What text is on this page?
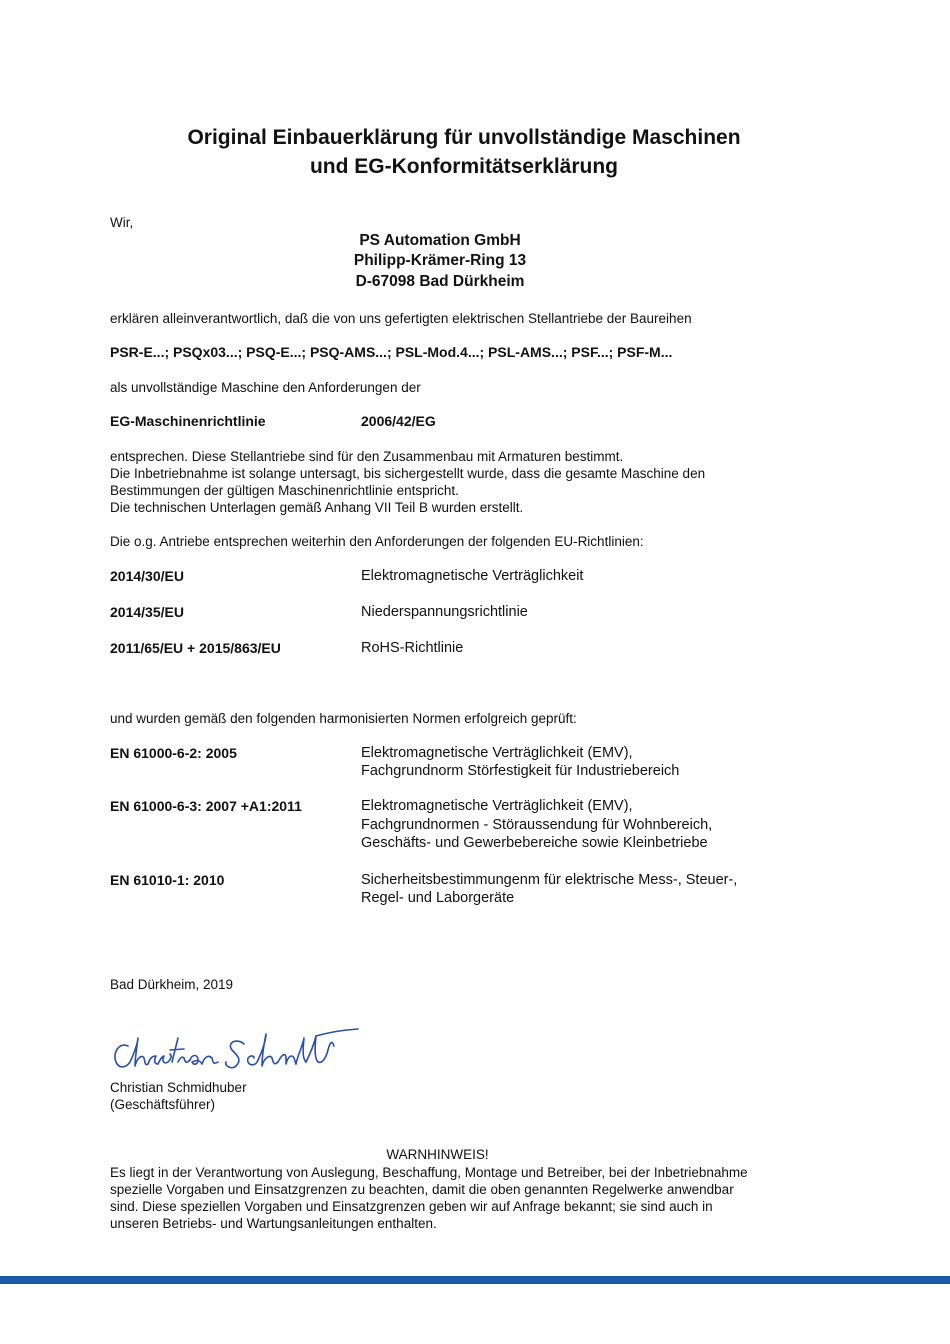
Original Einbauerklärung für unvollständige Maschinen
und EG-Konformitätserklärung
Wir,
PS Automation GmbH
Philipp-Krämer-Ring 13
D-67098 Bad Dürkheim
erklären alleinverantwortlich, daß die von uns gefertigten elektrischen Stellantriebe der Baureihen
PSR-E...; PSQx03...; PSQ-E...; PSQ-AMS...; PSL-Mod.4...; PSL-AMS...; PSF...; PSF-M...
als unvollständige Maschine den Anforderungen der
EG-Maschinenrichtlinie	2006/42/EG
entsprechen. Diese Stellantriebe sind für den Zusammenbau mit Armaturen bestimmt.
Die Inbetriebnahme ist solange untersagt, bis sichergestellt wurde, dass die gesamte Maschine den
Bestimmungen der gültigen Maschinenrichtlinie entspricht.
Die technischen Unterlagen gemäß Anhang VII Teil B wurden erstellt.
Die o.g. Antriebe entsprechen weiterhin den Anforderungen der folgenden EU-Richtlinien:
2014/30/EU	Elektromagnetische Verträglichkeit
2014/35/EU	Niederspannungsrichtlinie
2011/65/EU + 2015/863/EU	RoHS-Richtlinie
und wurden gemäß den folgenden harmonisierten Normen erfolgreich geprüft:
EN 61000-6-2: 2005	Elektromagnetische Verträglichkeit (EMV),
Fachgrundnorm Störfestigkeit für Industriebereich
EN 61000-6-3: 2007 +A1:2011	Elektromagnetische Verträglichkeit (EMV),
Fachgrundnormen - Störaussendung für Wohnbereich,
Geschäfts- und Gewerbebereiche sowie Kleinbetriebe
EN 61010-1: 2010	Sicherheitsbestimmungenm für elektrische Mess-, Steuer-,
Regel- und Laborgeräte
Bad Dürkheim, 2019
Christian Schmidhuber
(Geschäftsführer)
WARNHINWEIS!
Es liegt in der Verantwortung von Auslegung, Beschaffung, Montage und Betreiber, bei der Inbetriebnahme
spezielle Vorgaben und Einsatzgrenzen zu beachten, damit die oben genannten Regelwerke anwendbar
sind. Diese speziellen Vorgaben und Einsatzgrenzen geben wir auf Anfrage bekannt; sie sind auch in
unseren Betriebs- und Wartungsanleitungen enthalten.
